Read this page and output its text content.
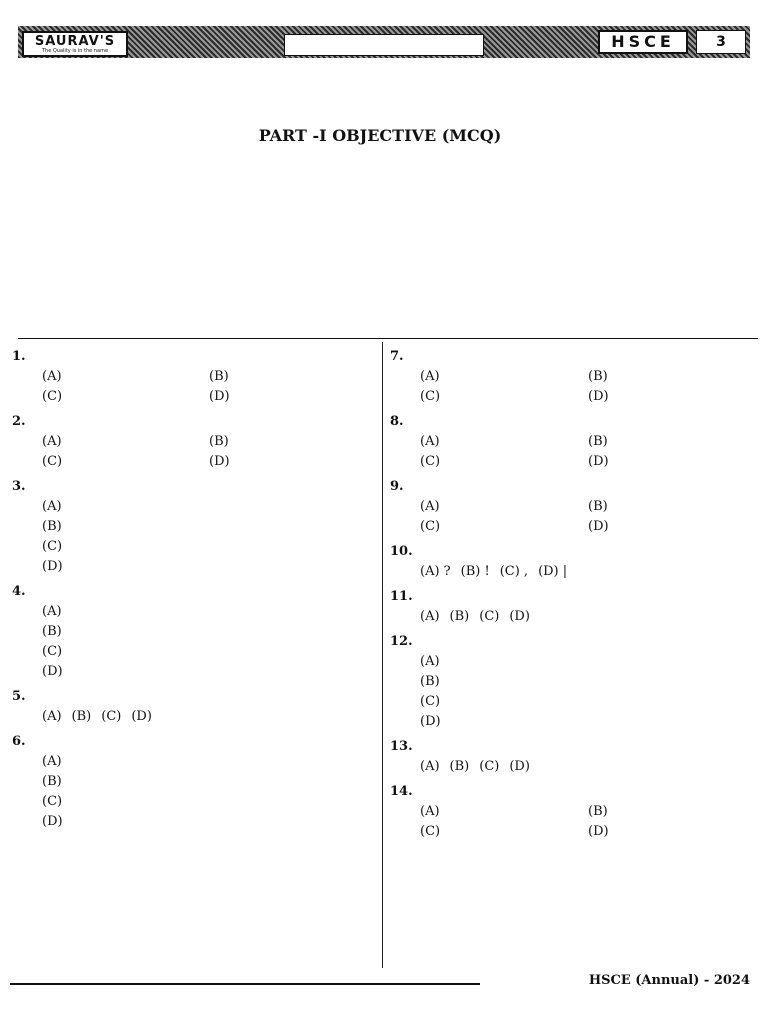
SAURAV'S
The Quality is in the name	HSCE	3
PART -I OBJECTIVE (MCQ)
1.
(A)	(B)
(C)	(D)
2.
(A)	(B)
(C)	(D)
3.
(A)
(B)
(C)
(D)
4.
(A)
(B)
(C)
(D)
5.
(A) (B) (C) (D)
6.
(A)
(B)
(C)
(D)
7.
(A)	(B)
(C)	(D)
8.
(A)	(B)
(C)	(D)
9.
(A)	(B)
(C)	(D)
10.
(A) ? (B) ! (C) , (D) |
11.
(A) (B) (C) (D)
12.
(A)
(B)
(C)
(D)
13.
(A) (B) (C) (D)
14.
(A)	(B)
(C)	(D)
HSCE (Annual) - 2024
